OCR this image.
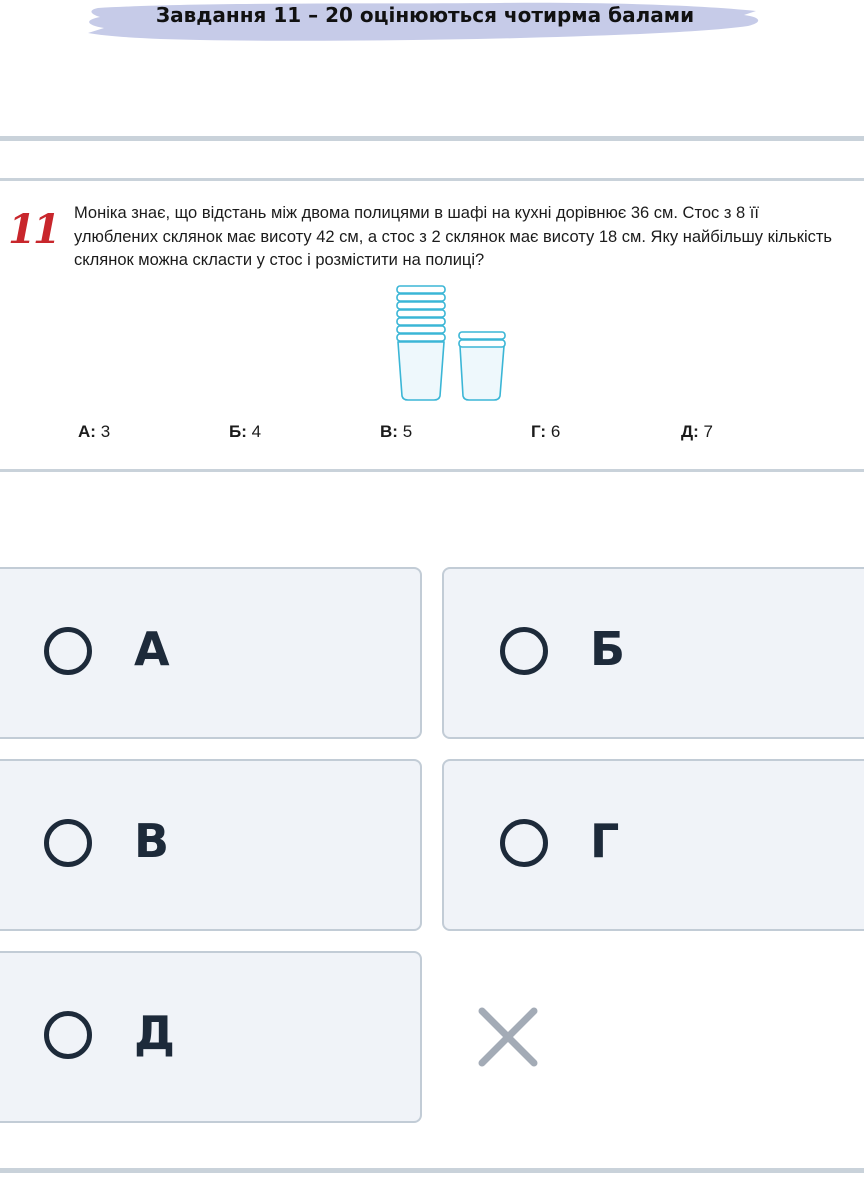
Завдання 11 – 20 оцінюються чотирма балами
11 Моніка знає, що відстань між двома полицями в шафі на кухні дорівнює 36 см. Стос з 8 її улюблених склянок має висоту 42 см, а стос з 2 склянок має висоту 18 см. Яку найбільшу кількість склянок можна скласти у стос і розмістити на полиці?
А: 3	Б: 4	В: 5	Г: 6	Д: 7
А	Б
В	Г
Д
